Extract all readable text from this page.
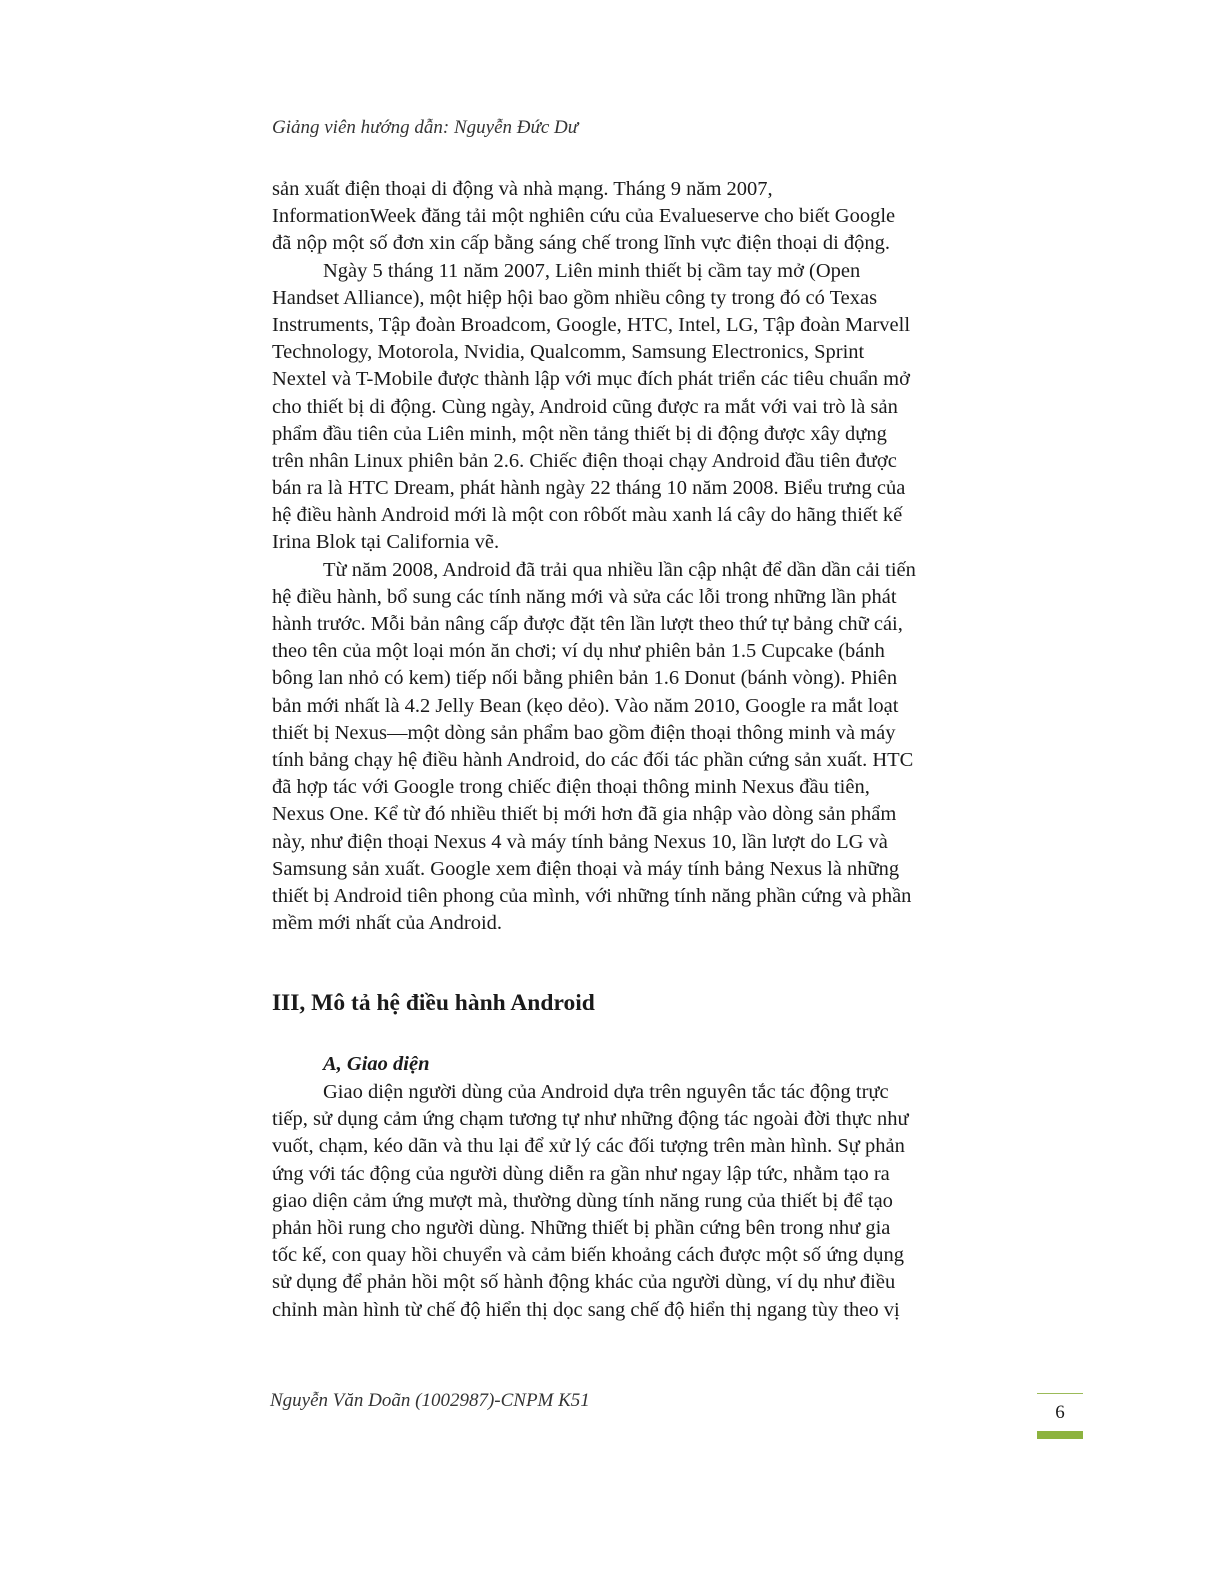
Giảng viên hướng dẫn: Nguyễn Đức Dư
sản xuất điện thoại di động và nhà mạng. Tháng 9 năm 2007,
InformationWeek đăng tải một nghiên cứu của Evalueserve cho biết Google
đã nộp một số đơn xin cấp bằng sáng chế trong lĩnh vực điện thoại di động.
Ngày 5 tháng 11 năm 2007, Liên minh thiết bị cầm tay mở (Open
Handset Alliance), một hiệp hội bao gồm nhiều công ty trong đó có Texas
Instruments, Tập đoàn Broadcom, Google, HTC, Intel, LG, Tập đoàn Marvell
Technology, Motorola, Nvidia, Qualcomm, Samsung Electronics, Sprint
Nextel và T-Mobile được thành lập với mục đích phát triển các tiêu chuẩn mở
cho thiết bị di động. Cùng ngày, Android cũng được ra mắt với vai trò là sản
phẩm đầu tiên của Liên minh, một nền tảng thiết bị di động được xây dựng
trên nhân Linux phiên bản 2.6. Chiếc điện thoại chạy Android đầu tiên được
bán ra là HTC Dream, phát hành ngày 22 tháng 10 năm 2008. Biểu trưng của
hệ điều hành Android mới là một con rôbốt màu xanh lá cây do hãng thiết kế
Irina Blok tại California vẽ.
Từ năm 2008, Android đã trải qua nhiều lần cập nhật để dần dần cải tiến
hệ điều hành, bổ sung các tính năng mới và sửa các lỗi trong những lần phát
hành trước. Mỗi bản nâng cấp được đặt tên lần lượt theo thứ tự bảng chữ cái,
theo tên của một loại món ăn chơi; ví dụ như phiên bản 1.5 Cupcake (bánh
bông lan nhỏ có kem) tiếp nối bằng phiên bản 1.6 Donut (bánh vòng). Phiên
bản mới nhất là 4.2 Jelly Bean (kẹo dẻo). Vào năm 2010, Google ra mắt loạt
thiết bị Nexus—một dòng sản phẩm bao gồm điện thoại thông minh và máy
tính bảng chạy hệ điều hành Android, do các đối tác phần cứng sản xuất. HTC
đã hợp tác với Google trong chiếc điện thoại thông minh Nexus đầu tiên,
Nexus One. Kể từ đó nhiều thiết bị mới hơn đã gia nhập vào dòng sản phẩm
này, như điện thoại Nexus 4 và máy tính bảng Nexus 10, lần lượt do LG và
Samsung sản xuất. Google xem điện thoại và máy tính bảng Nexus là những
thiết bị Android tiên phong của mình, với những tính năng phần cứng và phần
mềm mới nhất của Android.
III, Mô tả hệ điều hành Android
A, Giao diện
Giao diện người dùng của Android dựa trên nguyên tắc tác động trực
tiếp, sử dụng cảm ứng chạm tương tự như những động tác ngoài đời thực như
vuốt, chạm, kéo dãn và thu lại để xử lý các đối tượng trên màn hình. Sự phản
ứng với tác động của người dùng diễn ra gần như ngay lập tức, nhằm tạo ra
giao diện cảm ứng mượt mà, thường dùng tính năng rung của thiết bị để tạo
phản hồi rung cho người dùng. Những thiết bị phần cứng bên trong như gia
tốc kế, con quay hồi chuyển và cảm biến khoảng cách được một số ứng dụng
sử dụng để phản hồi một số hành động khác của người dùng, ví dụ như điều
chỉnh màn hình từ chế độ hiển thị dọc sang chế độ hiển thị ngang tùy theo vị
Nguyễn Văn Doãn (1002987)-CNPM K51
6
